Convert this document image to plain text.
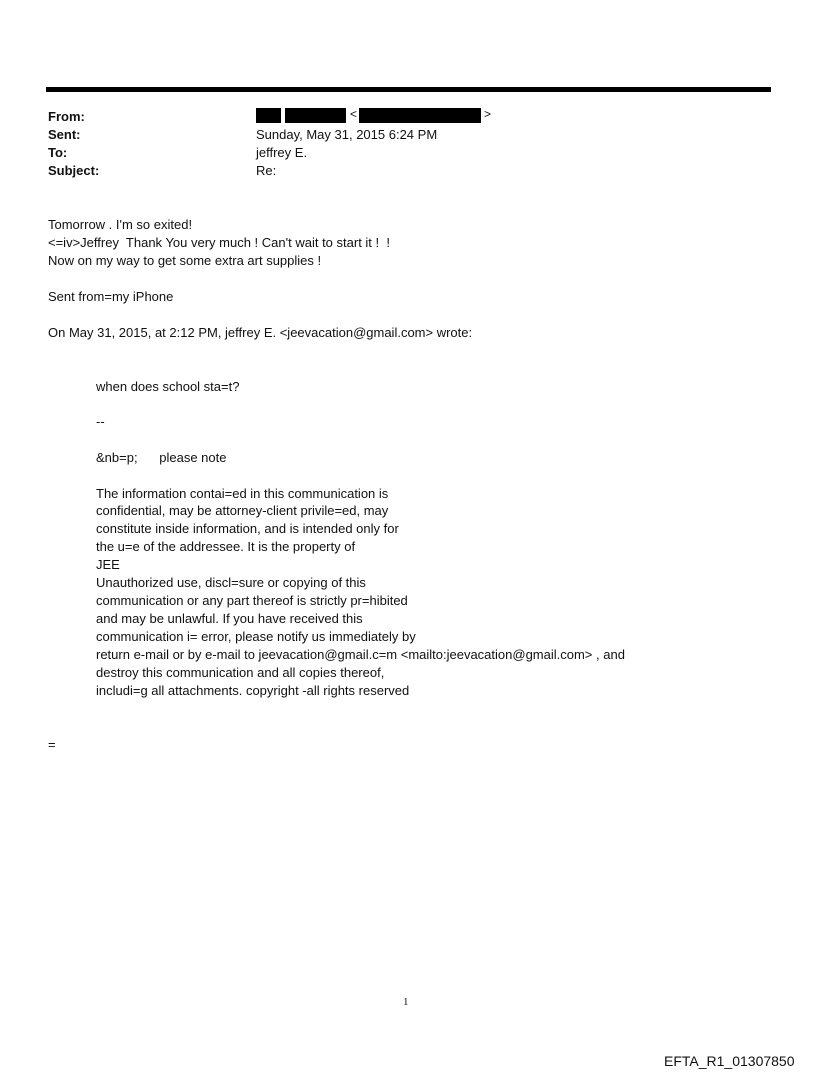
From:
Sent:
To:
Subject:
<	>
Sunday, May 31, 2015 6:24 PM
jeffrey E.
Re:
Tomorrow . I'm so exited!
<=iv>Jeffrey  Thank You very much ! Can't wait to start it !  !
Now on my way to get some extra art supplies !
Sent from=my iPhone
On May 31, 2015, at 2:12 PM, jeffrey E. <jeevacation@gmail.com> wrote:
when does school sta=t?
--
&nb=p;      please note
The information contai=ed in this communication is
confidential, may be attorney-client privile=ed, may
constitute inside information, and is intended only for
the u=e of the addressee. It is the property of
JEE
Unauthorized use, discl=sure or copying of this
communication or any part thereof is strictly pr=hibited
and may be unlawful. If you have received this
communication i= error, please notify us immediately by
return e-mail or by e-mail to jeevacation@gmail.c=m <mailto:jeevacation@gmail.com> , and
destroy this communication and all copies thereof,
includi=g all attachments. copyright -all rights reserved
=
1
EFTA_R1_01307850
